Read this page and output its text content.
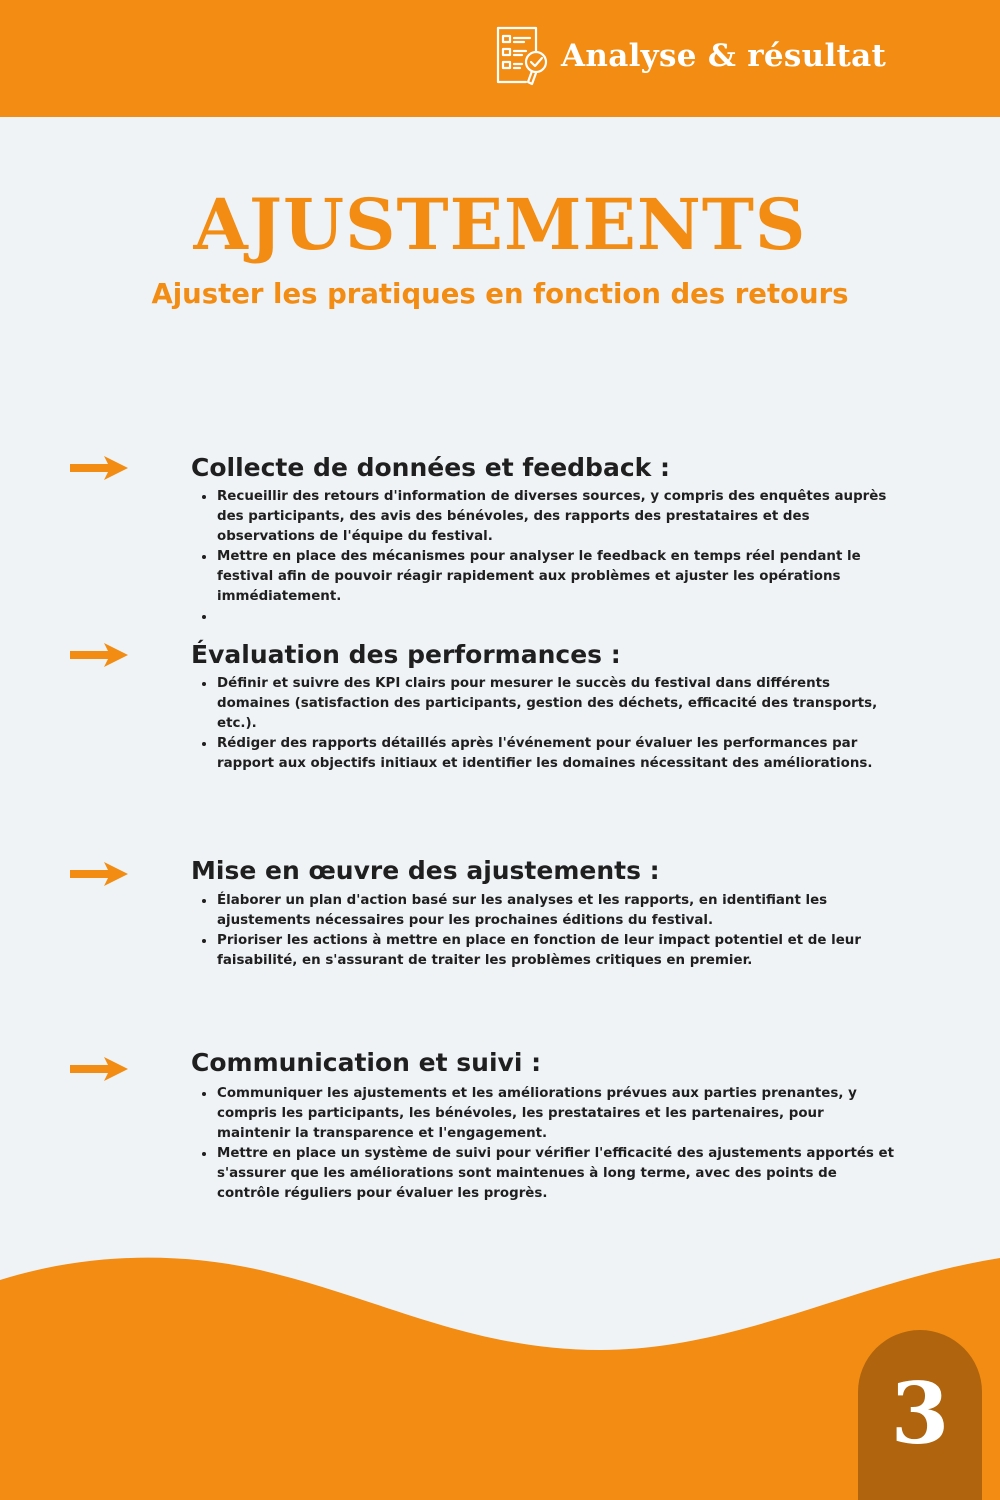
Analyse & résultat
AJUSTEMENTS
Ajuster les pratiques en fonction des retours
Collecte de données et feedback :
Recueillir des retours d'information de diverses sources, y compris des enquêtes auprès des participants, des avis des bénévoles, des rapports des prestataires et des observations de l'équipe du festival.
Mettre en place des mécanismes pour analyser le feedback en temps réel pendant le festival afin de pouvoir réagir rapidement aux problèmes et ajuster les opérations immédiatement.
Évaluation des performances :
Définir et suivre des KPI clairs pour mesurer le succès du festival dans différents domaines (satisfaction des participants, gestion des déchets, efficacité des transports, etc.).
Rédiger des rapports détaillés après l'événement pour évaluer les performances par rapport aux objectifs initiaux et identifier les domaines nécessitant des améliorations.
Mise en œuvre des ajustements :
Élaborer un plan d'action basé sur les analyses et les rapports, en identifiant les ajustements nécessaires pour les prochaines éditions du festival.
Prioriser les actions à mettre en place en fonction de leur impact potentiel et de leur faisabilité, en s'assurant de traiter les problèmes critiques en premier.
Communication et suivi :
Communiquer les ajustements et les améliorations prévues aux parties prenantes, y compris les participants, les bénévoles, les prestataires et les partenaires, pour maintenir la transparence et l'engagement.
Mettre en place un système de suivi pour vérifier l'efficacité des ajustements apportés et s'assurer que les améliorations sont maintenues à long terme, avec des points de contrôle réguliers pour évaluer les progrès.
3
